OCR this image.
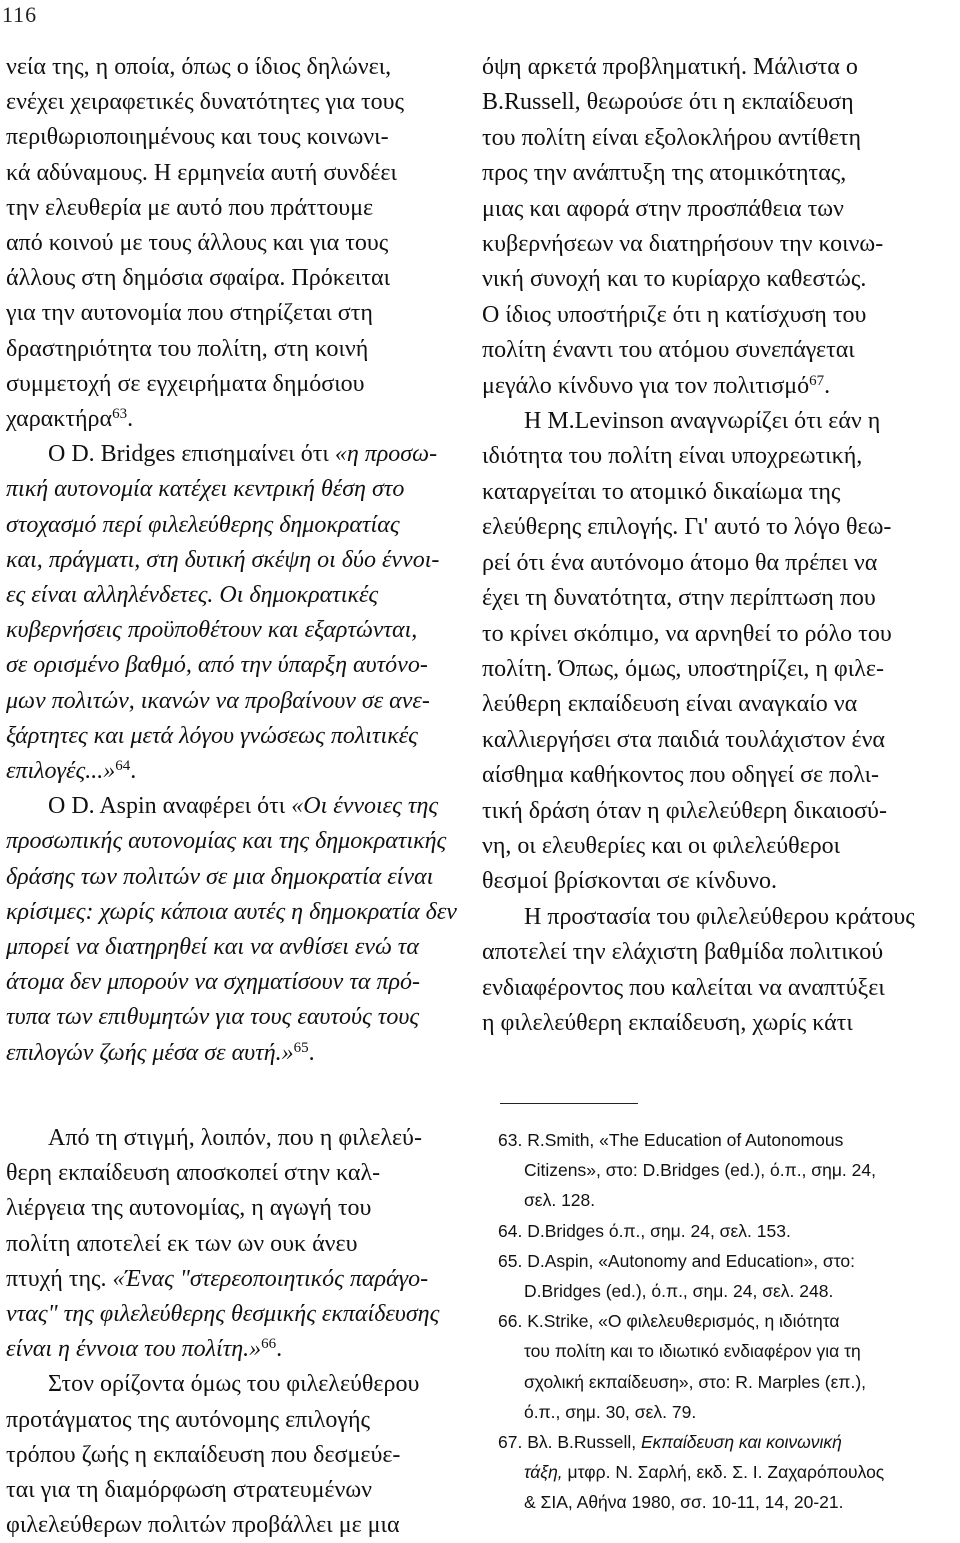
116

νεία της, η οποία, όπως ο ίδιος δηλώνει,

ενέχει χειραφετικές δυνατότητες για τους

περιθωριοποιημένους και τους κοινωνι-

κά αδύναμους. Η ερμηνεία αυτή συνδέει

την ελευθερία με αυτό που πράττουμε

από κοινού με τους άλλους και για τους

άλλους στη δημόσια σφαίρα. Πρόκειται

για την αυτονομία που στηρίζεται στη

δραστηριότητα του πολίτη, στη κοινή

συμμετοχή σε εγχειρήματα δημόσιου

χαρακτήρα$^{63}$.

O D. Bridges επισημαίνει ότι «η προσω-

πική αυτονομία κατέχει κεντρική θέση στο

στοχασμό περί φιλελεύθερης δημοκρατίας

και, πράγματι, στη δυτική σκέψη οι δύο έννοι-

ες είναι αλληλένδετες. Οι δημοκρατικές

κυβερνήσεις προϋποθέτουν και εξαρτώνται,

σε ορισμένο βαθμό, από την ύπαρξη αυτόνο-

μων πολιτών, ικανών να προβαίνουν σε ανε-

ξάρτητες και μετά λόγου γνώσεως πολιτικές

επιλογές...»$^{64}$.

O D. Aspin αναφέρει ότι «Οι έννοιες της

προσωπικής αυτονομίας και της δημοκρατικής

δράσης των πολιτών σε μια δημοκρατία είναι

κρίσιμες: χωρίς κάποια αυτές η δημοκρατία δεν

μπορεί να διατηρηθεί και να ανθίσει ενώ τα

άτομα δεν μπορούν να σχηματίσουν τα πρό-

τυπα των επιθυμητών για τους εαυτούς τους

επιλογών ζωής μέσα σε αυτή.»$^{65}$.

Από τη στιγμή, λοιπόν, που η φιλελεύ-

θερη εκπαίδευση αποσκοπεί στην καλ-

λιέργεια της αυτονομίας, η αγωγή του

πολίτη αποτελεί εκ των ων ουκ άνευ

πτυχή της. «Ένας "στερεοποιητικός παράγο-

ντας" της φιλελεύθερης θεσμικής εκπαίδευσης

είναι η έννοια του πολίτη.»$^{66}$.

Στον ορίζοντα όμως του φιλελεύθερου

προτάγματος της αυτόνομης επιλογής

τρόπου ζωής η εκπαίδευση που δεσμεύε-

ται για τη διαμόρφωση στρατευμένων

φιλελεύθερων πολιτών προβάλλει με μια

όψη αρκετά προβληματική. Μάλιστα ο

B.Russell, θεωρούσε ότι η εκπαίδευση

του πολίτη είναι εξολοκλήρου αντίθετη

προς την ανάπτυξη της ατομικότητας,

μιας και αφορά στην προσπάθεια των

κυβερνήσεων να διατηρήσουν την κοινω-

νική συνοχή και το κυρίαρχο καθεστώς.

Ο ίδιος υποστήριζε ότι η κατίσχυση του

πολίτη έναντι του ατόμου συνεπάγεται

μεγάλο κίνδυνο για τον πολιτισμό$^{67}$.

Η M.Levinson αναγνωρίζει ότι εάν η

ιδιότητα του πολίτη είναι υποχρεωτική,

καταργείται το ατομικό δικαίωμα της

ελεύθερης επιλογής. Γι' αυτό το λόγο θεω-

ρεί ότι ένα αυτόνομο άτομο θα πρέπει να

έχει τη δυνατότητα, στην περίπτωση που

το κρίνει σκόπιμο, να αρνηθεί το ρόλο του

πολίτη. Όπως, όμως, υποστηρίζει, η φιλε-

λεύθερη εκπαίδευση είναι αναγκαίο να

καλλιεργήσει στα παιδιά τουλάχιστον ένα

αίσθημα καθήκοντος που οδηγεί σε πολι-

τική δράση όταν η φιλελεύθερη δικαιοσύ-

νη, οι ελευθερίες και οι φιλελεύθεροι

θεσμοί βρίσκονται σε κίνδυνο.

Η προστασία του φιλελεύθερου κράτους

αποτελεί την ελάχιστη βαθμίδα πολιτικού

ενδιαφέροντος που καλείται να αναπτύξει

η φιλελεύθερη εκπαίδευση, χωρίς κάτι

63. R.Smith, «The Education of Autonomous

Citizens», στο: D.Bridges (ed.), ό.π., σημ. 24,

σελ. 128.

64. D.Bridges ό.π., σημ. 24, σελ. 153.

65. D.Aspin, «Autonomy and Education», στο:

D.Bridges (ed.), ό.π., σημ. 24, σελ. 248.

66. K.Strike, «Ο φιλελευθερισμός, η ιδιότητα

του πολίτη και το ιδιωτικό ενδιαφέρον για τη

σχολική εκπαίδευση», στο: R. Marples (επ.),

ό.π., σημ. 30, σελ. 79.

67. Βλ. B.Russell, Εκπαίδευση και κοινωνική

τάξη, μτφρ. Ν. Σαρλή, εκδ. Σ. Ι. Ζαχαρόπουλος

& ΣΙΑ, Αθήνα 1980, σσ. 10-11, 14, 20-21.
